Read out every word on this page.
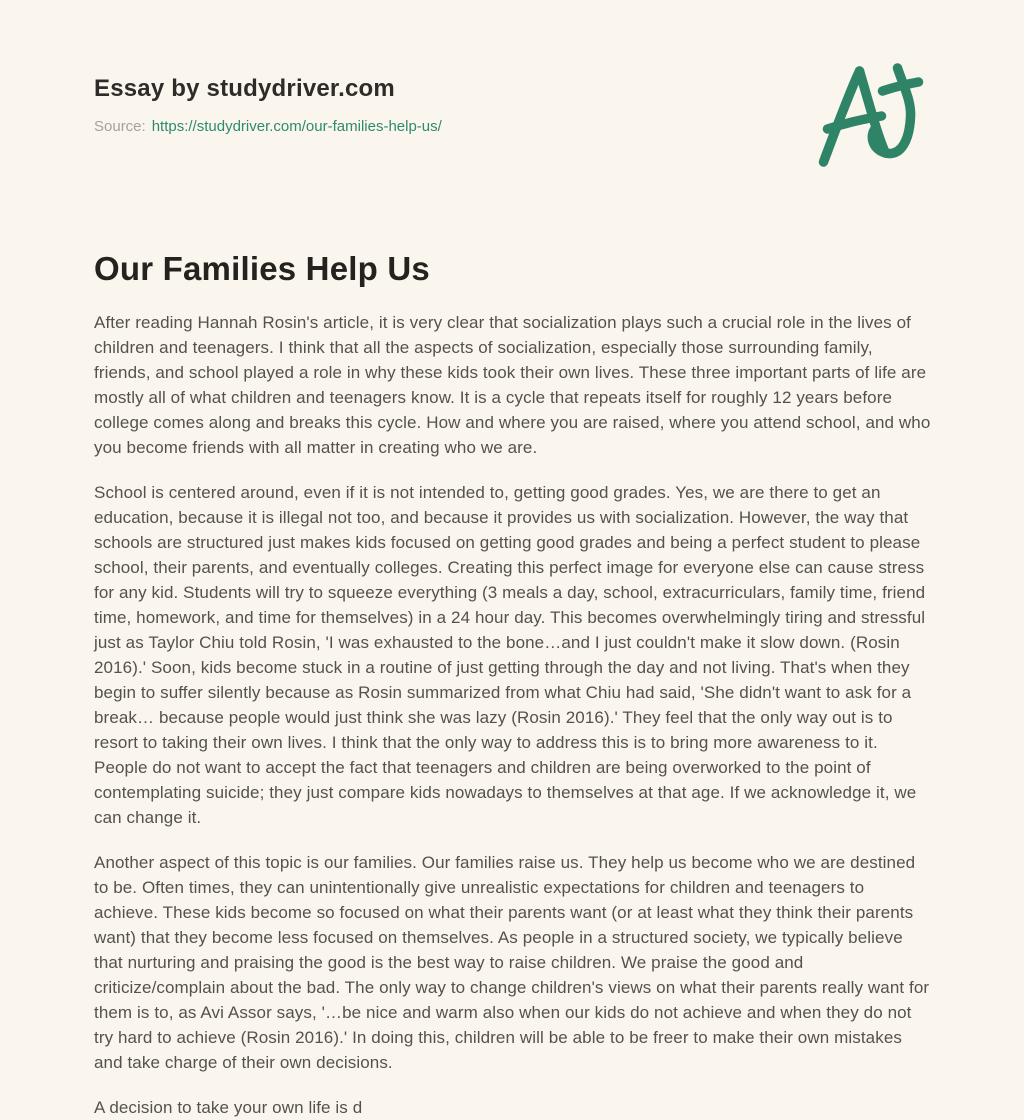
Essay by studydriver.com
Source: https://studydriver.com/our-families-help-us/
Our Families Help Us

After reading Hannah Rosin's article, it is very clear that socialization plays such a crucial role in the lives of children and teenagers. I think that all the aspects of socialization, especially those surrounding family, friends, and school played a role in why these kids took their own lives. These three important parts of life are mostly all of what children and teenagers know. It is a cycle that repeats itself for roughly 12 years before college comes along and breaks this cycle. How and where you are raised, where you attend school, and who you become friends with all matter in creating who we are.

School is centered around, even if it is not intended to, getting good grades. Yes, we are there to get an education, because it is illegal not too, and because it provides us with socialization. However, the way that schools are structured just makes kids focused on getting good grades and being a perfect student to please school, their parents, and eventually colleges. Creating this perfect image for everyone else can cause stress for any kid. Students will try to squeeze everything (3 meals a day, school, extracurriculars, family time, friend time, homework, and time for themselves) in a 24 hour day. This becomes overwhelmingly tiring and stressful just as Taylor Chiu told Rosin, 'I was exhausted to the bone…and I just couldn't make it slow down. (Rosin 2016).' Soon, kids become stuck in a routine of just getting through the day and not living. That's when they begin to suffer silently because as Rosin summarized from what Chiu had said, 'She didn't want to ask for a break… because people would just think she was lazy (Rosin 2016).' They feel that the only way out is to resort to taking their own lives. I think that the only way to address this is to bring more awareness to it. People do not want to accept the fact that teenagers and children are being overworked to the point of contemplating suicide; they just compare kids nowadays to themselves at that age. If we acknowledge it, we can change it.

Another aspect of this topic is our families. Our families raise us. They help us become who we are destined to be. Often times, they can unintentionally give unrealistic expectations for children and teenagers to achieve. These kids become so focused on what their parents want (or at least what they think their parents want) that they become less focused on themselves. As people in a structured society, we typically believe that nurturing and praising the good is the best way to raise children. We praise the good and criticize/complain about the bad. The only way to change children's views on what their parents really want for them is to, as Avi Assor says, '…be nice and warm also when our kids do not achieve and when they do not try hard to achieve (Rosin 2016).' In doing this, children will be able to be freer to make their own mistakes and take charge of their own decisions.

A decision to take your own life is d
